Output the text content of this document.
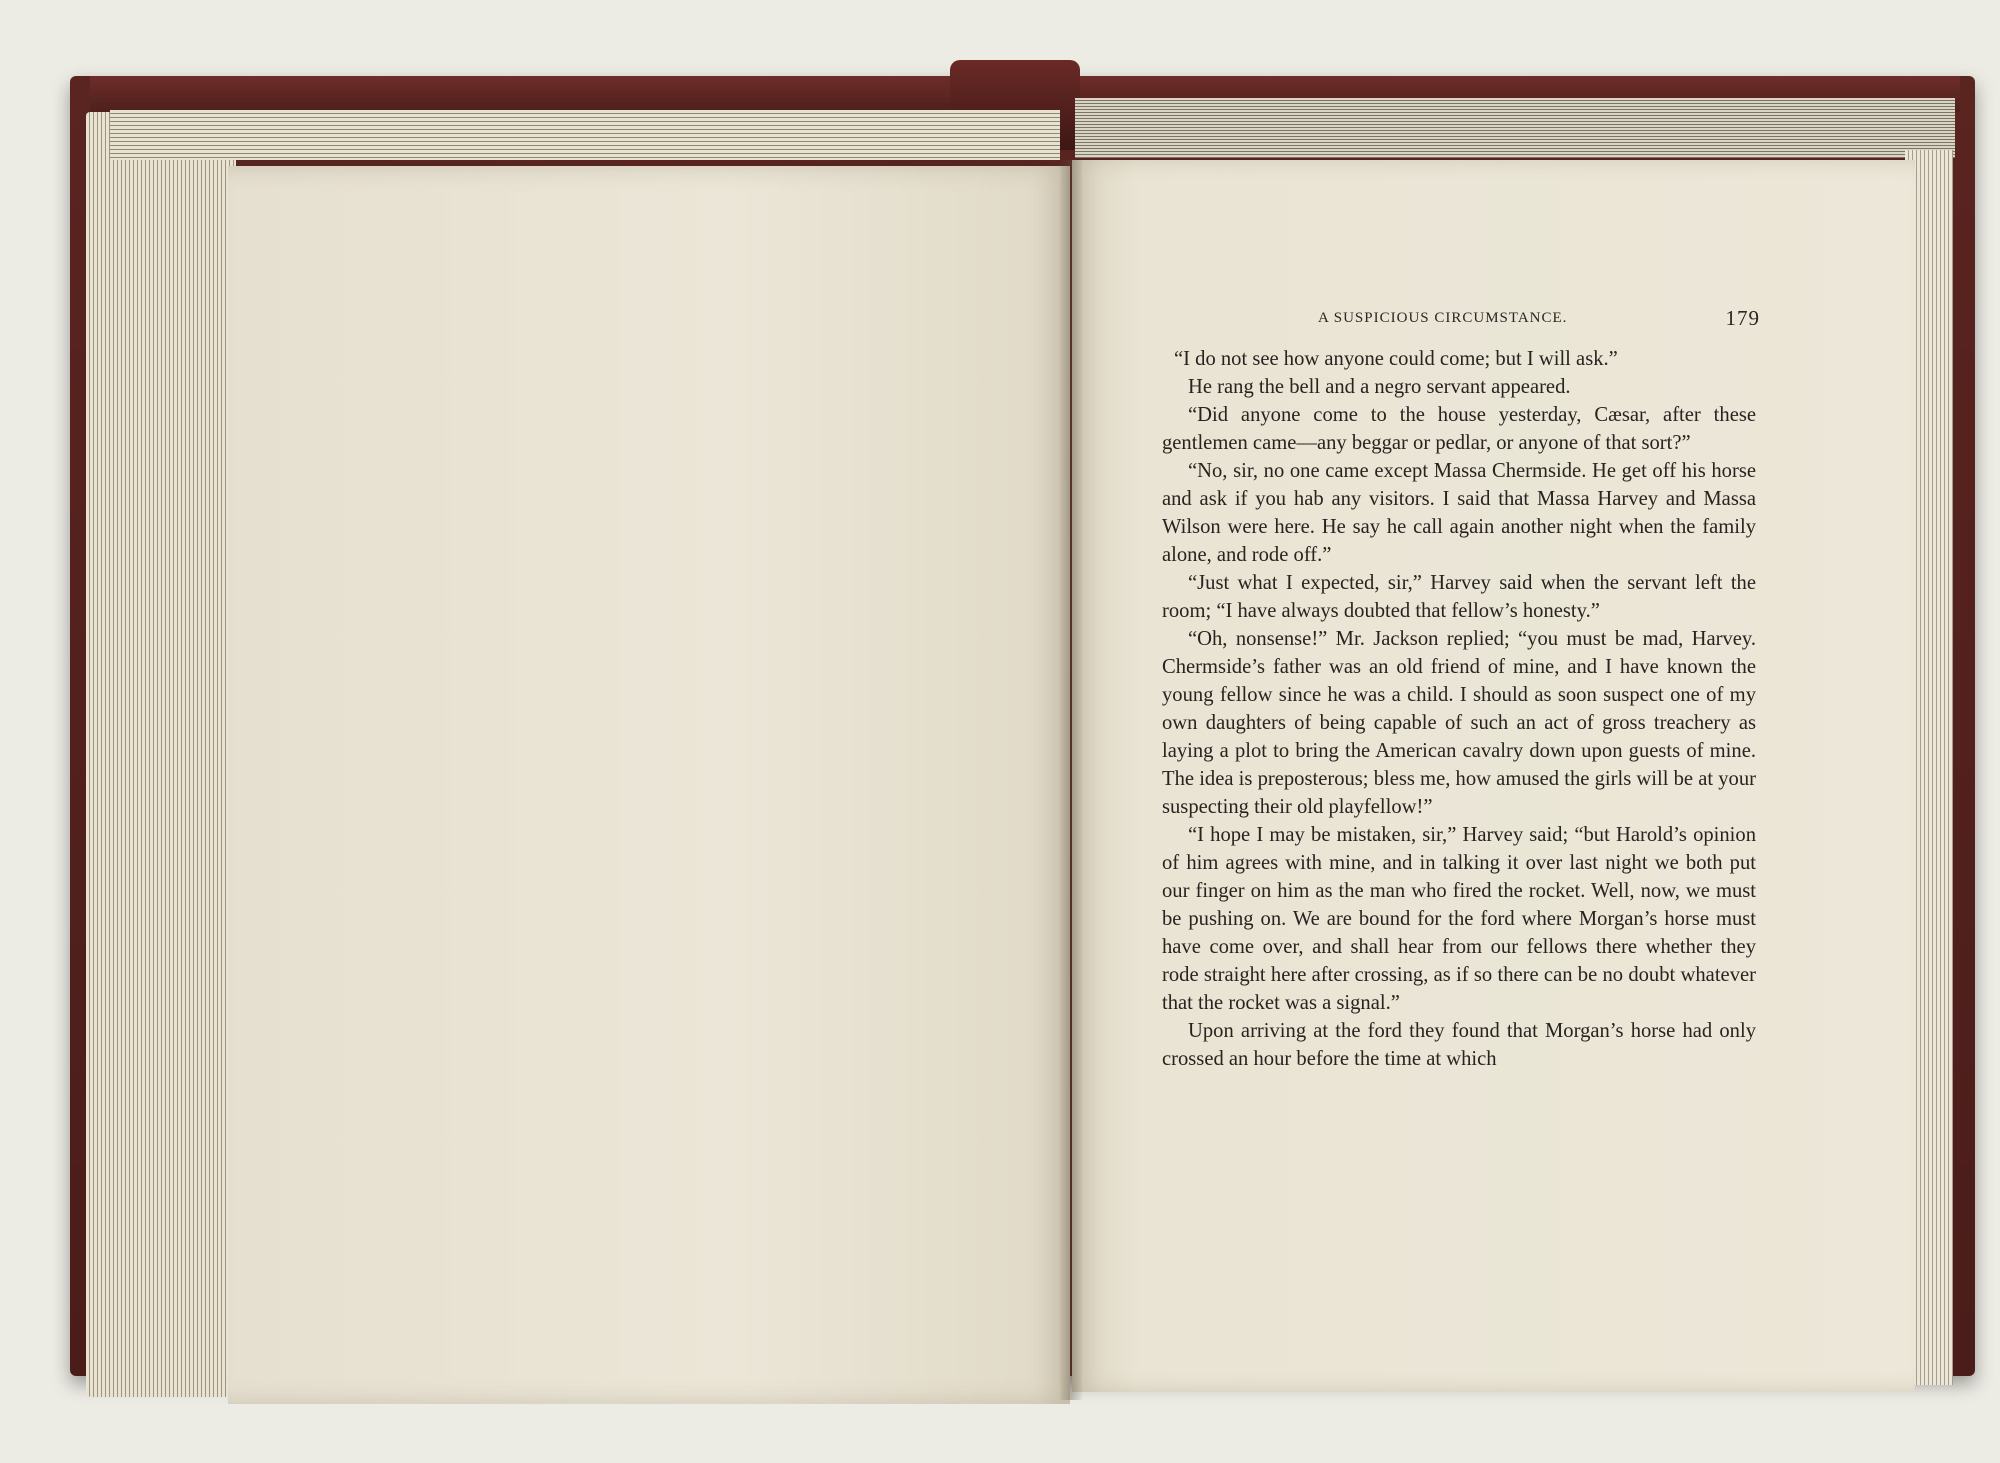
A SUSPICIOUS CIRCUMSTANCE.	179

“I do not see how anyone could come; but I will ask.”

He rang the bell and a negro servant appeared.

“Did anyone come to the house yesterday, Cæsar, after these gentlemen came—any beggar or pedlar, or anyone of that sort?”

“No, sir, no one came except Massa Chermside. He get off his horse and ask if you hab any visitors. I said that Massa Harvey and Massa Wilson were here. He say he call again another night when the family alone, and rode off.”

“Just what I expected, sir,” Harvey said when the servant left the room; “I have always doubted that fellow’s honesty.”

“Oh, nonsense!” Mr. Jackson replied; “you must be mad, Harvey. Chermside’s father was an old friend of mine, and I have known the young fellow since he was a child. I should as soon suspect one of my own daughters of being capable of such an act of gross treachery as laying a plot to bring the American cavalry down upon guests of mine. The idea is preposterous; bless me, how amused the girls will be at your suspecting their old playfellow!”

“I hope I may be mistaken, sir,” Harvey said; “but Harold’s opinion of him agrees with mine, and in talking it over last night we both put our finger on him as the man who fired the rocket. Well, now, we must be pushing on. We are bound for the ford where Morgan’s horse must have come over, and shall hear from our fellows there whether they rode straight here after crossing, as if so there can be no doubt whatever that the rocket was a signal.”

Upon arriving at the ford they found that Morgan’s horse had only crossed an hour before the time at which
